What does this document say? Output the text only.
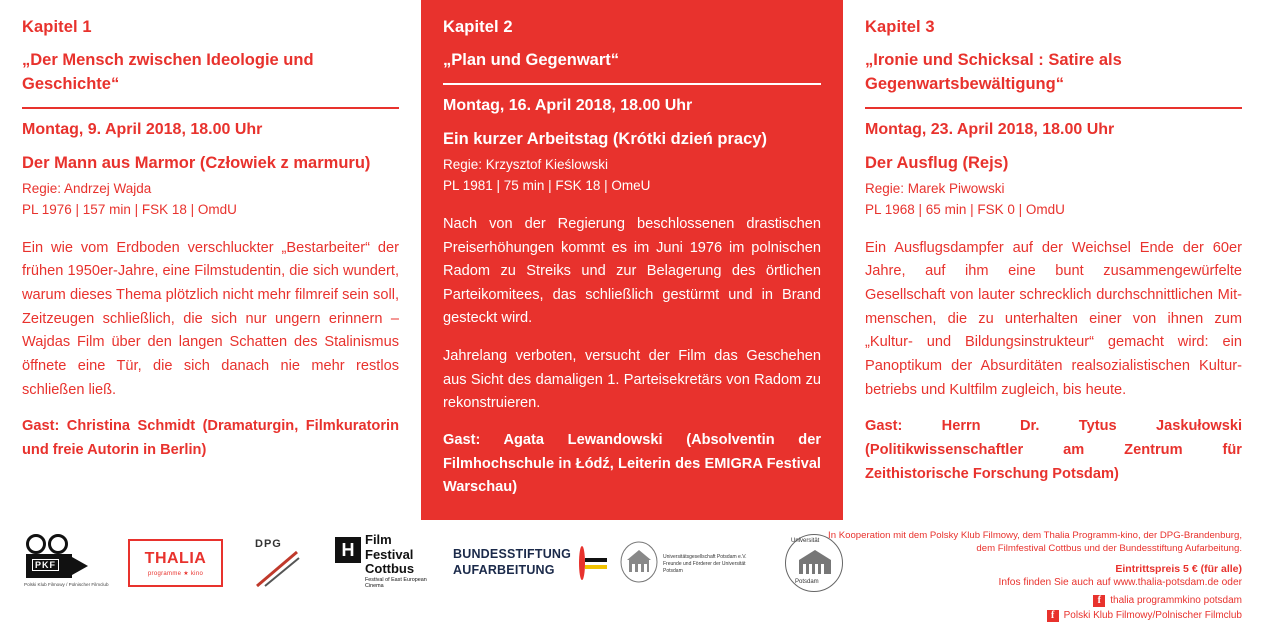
Kapitel 1
„Der Mensch zwischen Ideologie und Geschichte“
Montag, 9. April 2018, 18.00 Uhr
Der Mann aus Marmor (Człowiek z marmuru)
Regie: Andrzej Wajda
PL 1976 | 157 min | FSK 18 | OmdU

Ein wie vom Erdboden verschluckter „Bestarbeiter“ der frühen 1950er-Jahre, eine Filmstudentin, die sich wundert, warum dieses Thema plötzlich nicht mehr filmreif sein soll, Zeitzeugen schließlich, die sich nur ungern erinnern – Wajdas Film über den langen Schatten des Stalinismus öffnete eine Tür, die sich danach nie mehr restlos schließen ließ.

Gast: Christina Schmidt (Dramaturgin, Filmkuratorin und freie Autorin in Berlin)

Kapitel 2
„Plan und Gegenwart“
Montag, 16. April 2018, 18.00 Uhr
Ein kurzer Arbeitstag (Krótki dzień pracy)
Regie: Krzysztof Kieślowski
PL 1981 | 75 min | FSK 18 | OmeU

Nach von der Regierung beschlossenen drastischen Preiserhöhungen kommt es im Juni 1976 im polnischen Radom zu Streiks und zur Belagerung des örtlichen Parteikomitees, das schließlich gestürmt und in Brand gesteckt wird.

Jahrelang verboten, versucht der Film das Geschehen aus Sicht des damaligen 1. Parteisekretärs von Radom zu rekonstruieren.

Gast: Agata Lewandowski (Absolventin der Filmhochschule in Łódź, Leiterin des EMIGRA Festival Warschau)

Kapitel 3
„Ironie und Schicksal : Satire als Gegenwartsbewältigung“
Montag, 23. April 2018, 18.00 Uhr
Der Ausflug (Rejs)
Regie: Marek Piwowski
PL 1968 | 65 min | FSK 0 | OmdU

Ein Ausflugsdampfer auf der Weichsel Ende der 60er Jahre, auf ihm eine bunt zusammengewürfelte Gesellschaft von lauter schrecklich durchschnittlichen Mit-menschen, die zu unterhalten einer von ihnen zum „Kultur- und Bildungsinstrukteur“ gemacht wird: ein Panoptikum der Absurditäten realsozialistischen Kultur-betriebs und Kultfilm zugleich, bis heute.

Gast: Herrn Dr. Tytus Jaskułowski (Politikwissenschaftler am Zentrum für Zeithistorische Forschung Potsdam)

PKF
Polski Klub Filmowy / Polnischer Filmclub
THALIA
programme ★ kino
DPG	H Film
Festival
Cottbus
Festival of East European Cinema
BUNDESSTIFTUNG
AUFARBEITUNG
Universitätsgesellschaft Potsdam e.V.
Freunde und Förderer der Universität Potsdam
Universität
Potsdam
In Kooperation mit dem Polsky Klub Filmowy, dem Thalia Programm-kino, der DPG-Brandenburg, dem Filmfestival Cottbus und der Bundesstiftung Aufarbeitung.
Eintrittspreis 5 € (für alle)
Infos finden Sie auch auf www.thalia-potsdam.de oder
f thalia programmkino potsdam
f Polski Klub Filmowy/Polnischer Filmclub
